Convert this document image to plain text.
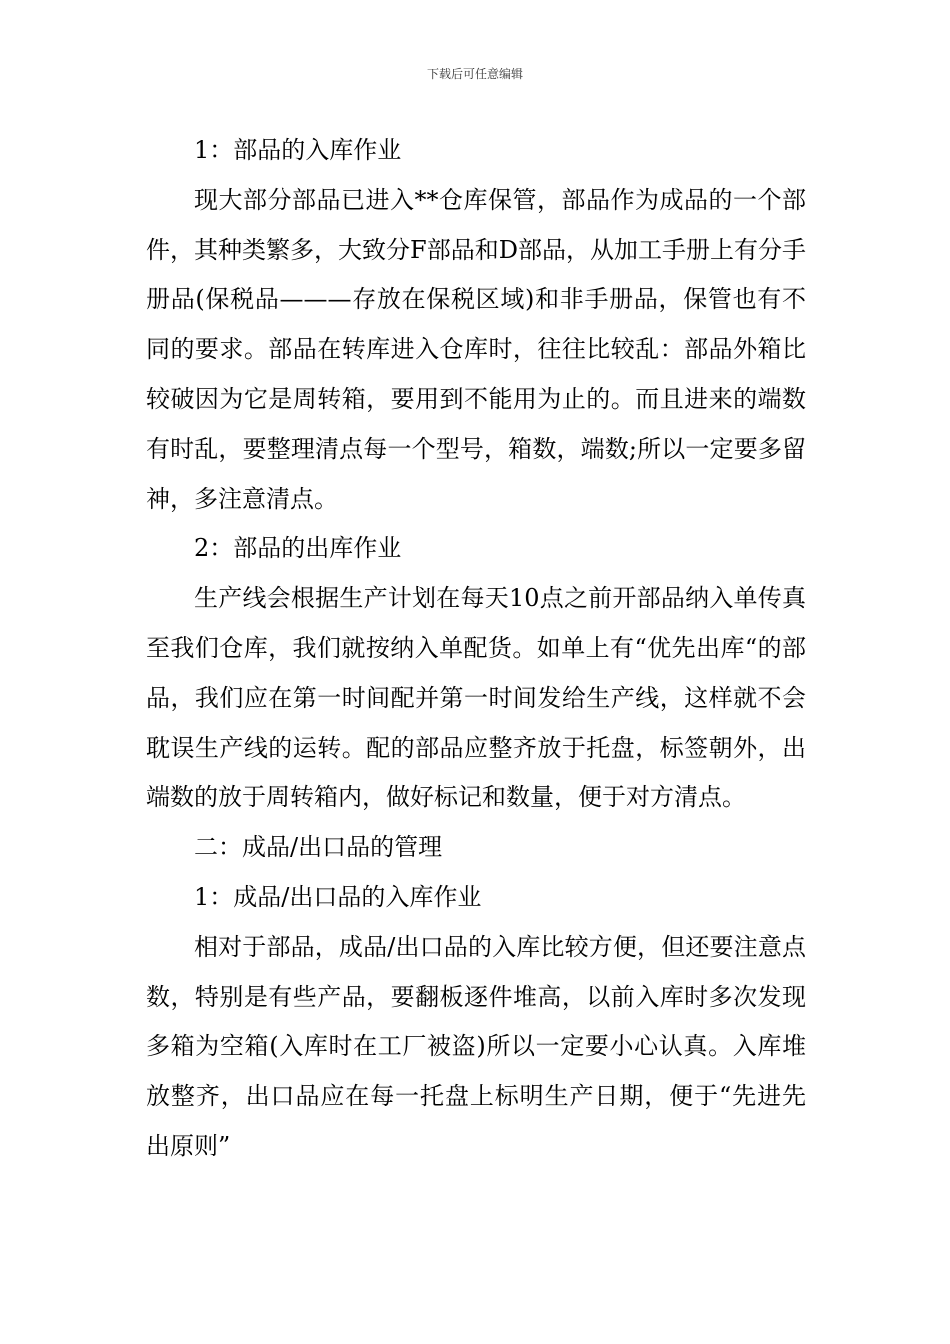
下载后可任意编辑

1：部品的入库作业

现大部分部品已进入**仓库保管，部品作为成品的一个部件，其种类繁多，大致分F部品和D部品，从加工手册上有分手册品(保税品———存放在保税区域)和非手册品，保管也有不同的要求。部品在转库进入仓库时，往往比较乱：部品外箱比较破因为它是周转箱，要用到不能用为止的。而且进来的端数有时乱，要整理清点每一个型号，箱数，端数;所以一定要多留神，多注意清点。

2：部品的出库作业

生产线会根据生产计划在每天10点之前开部品纳入单传真至我们仓库，我们就按纳入单配货。如单上有“优先出库“的部品，我们应在第一时间配并第一时间发给生产线，这样就不会耽误生产线的运转。配的部品应整齐放于托盘，标签朝外，出端数的放于周转箱内，做好标记和数量，便于对方清点。

二：成品/出口品的管理

1：成品/出口品的入库作业

相对于部品，成品/出口品的入库比较方便，但还要注意点数，特别是有些产品，要翻板逐件堆高，以前入库时多次发现多箱为空箱(入库时在工厂被盗)所以一定要小心认真。入库堆放整齐，出口品应在每一托盘上标明生产日期，便于“先进先出原则”
